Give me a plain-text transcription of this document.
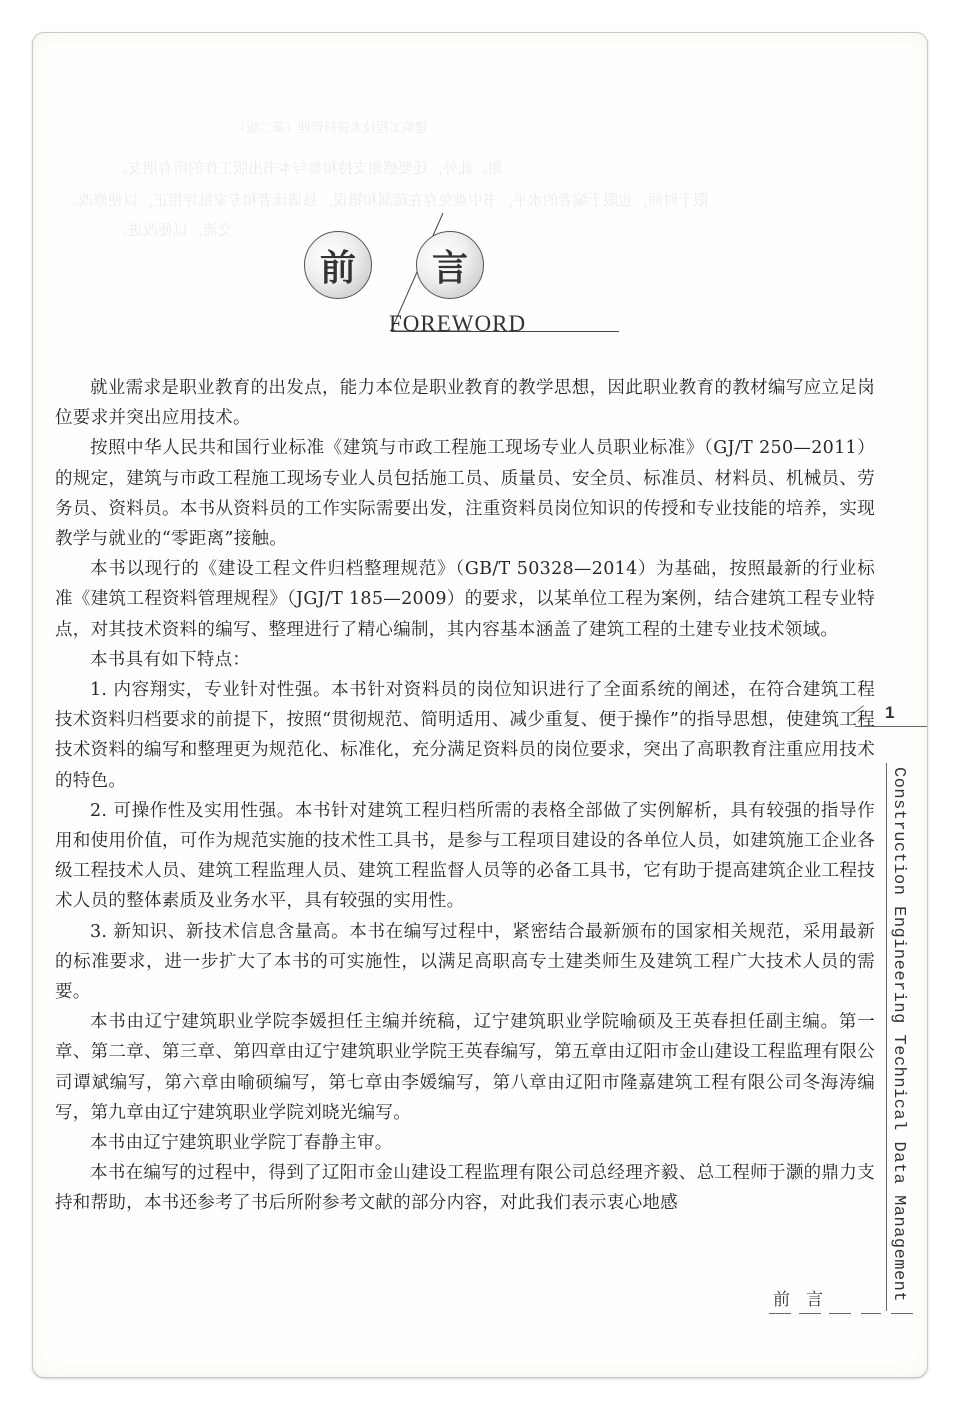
建筑工程技术资料管理（第二版）
谢。此外，还要感谢支持和参与本书出版工作的所有朋友。
限于时间，也限于编者的水平，书中难免存在疏漏和错误，恳请读者和专家批评指正，以便修改。
交流，以便改进。
前 言
FOREWORD

就业需求是职业教育的出发点，能力本位是职业教育的教学思想，因此职业教育的教材编写应立足岗位要求并突出应用技术。

按照中华人民共和国行业标准《建筑与市政工程施工现场专业人员职业标准》（GJ/T 250—2011）的规定，建筑与市政工程施工现场专业人员包括施工员、质量员、安全员、标准员、材料员、机械员、劳务员、资料员。本书从资料员的工作实际需要出发，注重资料员岗位知识的传授和专业技能的培养，实现教学与就业的“零距离”接触。

本书以现行的《建设工程文件归档整理规范》（GB/T 50328—2014）为基础，按照最新的行业标准《建筑工程资料管理规程》（JGJ/T 185—2009）的要求，以某单位工程为案例，结合建筑工程专业特点，对其技术资料的编写、整理进行了精心编制，其内容基本涵盖了建筑工程的土建专业技术领域。

本书具有如下特点：

1. 内容翔实，专业针对性强。本书针对资料员的岗位知识进行了全面系统的阐述，在符合建筑工程技术资料归档要求的前提下，按照“贯彻规范、简明适用、减少重复、便于操作”的指导思想，使建筑工程技术资料的编写和整理更为规范化、标准化，充分满足资料员的岗位要求，突出了高职教育注重应用技术的特色。

2. 可操作性及实用性强。本书针对建筑工程归档所需的表格全部做了实例解析，具有较强的指导作用和使用价值，可作为规范实施的技术性工具书，是参与工程项目建设的各单位人员，如建筑施工企业各级工程技术人员、建筑工程监理人员、建筑工程监督人员等的必备工具书，它有助于提高建筑企业工程技术人员的整体素质及业务水平，具有较强的实用性。

3. 新知识、新技术信息含量高。本书在编写过程中，紧密结合最新颁布的国家相关规范，采用最新的标准要求，进一步扩大了本书的可实施性，以满足高职高专土建类师生及建筑工程广大技术人员的需要。

本书由辽宁建筑职业学院李媛担任主编并统稿，辽宁建筑职业学院喻硕及王英春担任副主编。第一章、第二章、第三章、第四章由辽宁建筑职业学院王英春编写，第五章由辽阳市金山建设工程监理有限公司谭斌编写，第六章由喻硕编写，第七章由李媛编写，第八章由辽阳市隆嘉建筑工程有限公司冬海涛编写，第九章由辽宁建筑职业学院刘晓光编写。

本书由辽宁建筑职业学院丁春静主审。

本书在编写的过程中，得到了辽阳市金山建设工程监理有限公司总经理齐毅、总工程师于灏的鼎力支持和帮助，本书还参考了书后所附参考文献的部分内容，对此我们表示衷心地感

1
Construction Engineering Technical Data Management
前言
